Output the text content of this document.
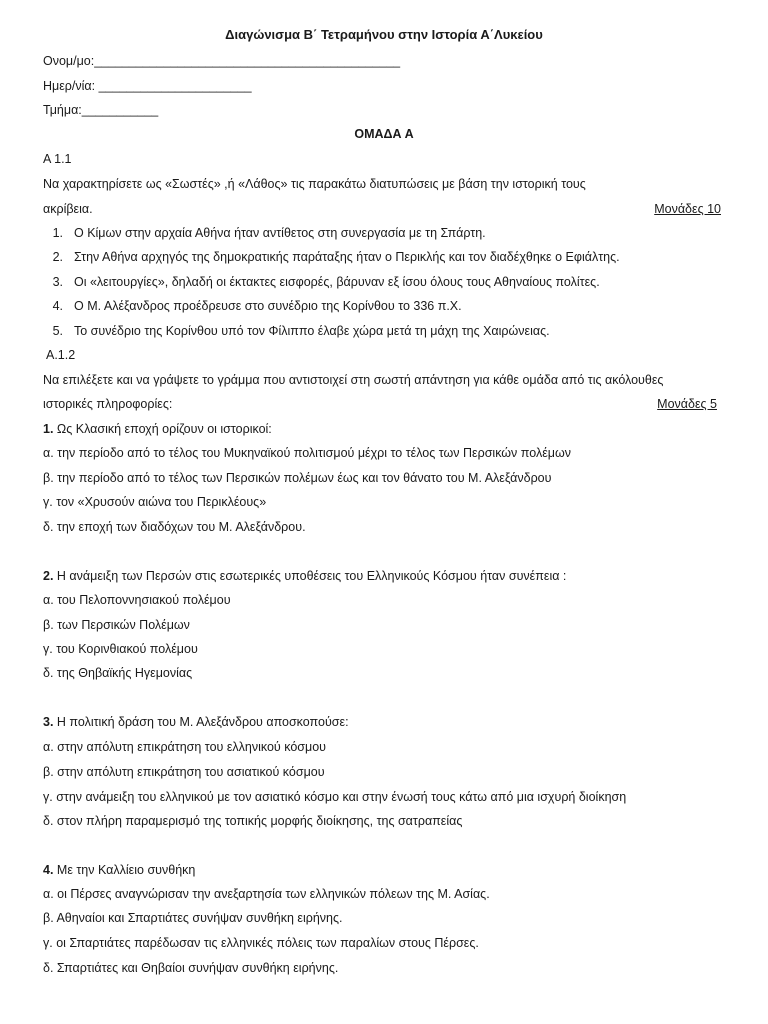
Διαγώνισμα Β΄ Τετραμήνου στην Ιστορία Α΄Λυκείου
Ονομ/μο:____________________________________________
Ημερ/νία: ______________________
Τμήμα:___________
ΟΜΑΔΑ Α
Α 1.1
Να χαρακτηρίσετε ως «Σωστές» ,ή «Λάθος» τις παρακάτω διατυπώσεις με βάση την ιστορική τους
ακρίβεια.	Μονάδες 10
1. Ο Κίμων στην αρχαία Αθήνα ήταν αντίθετος στη συνεργασία με τη Σπάρτη.
2. Στην Αθήνα αρχηγός της δημοκρατικής παράταξης ήταν ο Περικλής και τον διαδέχθηκε ο Εφιάλτης.
3. Οι «λειτουργίες», δηλαδή οι έκτακτες εισφορές, βάρυναν εξ ίσου όλους τους Αθηναίους πολίτες.
4. Ο Μ. Αλέξανδρος προέδρευσε στο συνέδριο της Κορίνθου το 336 π.Χ.
5. Το συνέδριο της Κορίνθου υπό τον Φίλιππο έλαβε χώρα μετά τη μάχη της Χαιρώνειας.
Α.1.2
Να επιλέξετε και να γράψετε το γράμμα που αντιστοιχεί στη σωστή απάντηση για κάθε ομάδα από τις ακόλουθες
ιστορικές πληροφορίες:	Μονάδες 5
1. Ως Κλασική εποχή ορίζουν οι ιστορικοί:
α. την περίοδο από το τέλος του Μυκηναϊκού πολιτισμού μέχρι το τέλος των Περσικών πολέμων
β. την περίοδο από το τέλος των Περσικών πολέμων έως και τον θάνατο του Μ. Αλεξάνδρου
γ. τον «Χρυσούν αιώνα του Περικλέους»
δ. την εποχή των διαδόχων του Μ. Αλεξάνδρου.
2. Η ανάμειξη των Περσών στις εσωτερικές υποθέσεις του Ελληνικούς Κόσμου ήταν συνέπεια :
α. του Πελοποννησιακού πολέμου
β. των Περσικών Πολέμων
γ. του Κορινθιακού πολέμου
δ. της Θηβαϊκής Ηγεμονίας
3. Η πολιτική δράση του Μ. Αλεξάνδρου αποσκοπούσε:
α. στην απόλυτη επικράτηση του ελληνικού κόσμου
β. στην απόλυτη επικράτηση του ασιατικού κόσμου
γ. στην ανάμειξη του ελληνικού με τον ασιατικό κόσμο και στην ένωσή τους κάτω από μια ισχυρή διοίκηση
δ. στον πλήρη παραμερισμό της τοπικής μορφής διοίκησης, της σατραπείας
4. Με την Καλλίειο συνθήκη
α. οι Πέρσες αναγνώρισαν την ανεξαρτησία των ελληνικών πόλεων της Μ. Ασίας.
β. Αθηναίοι και Σπαρτιάτες συνήψαν συνθήκη ειρήνης.
γ. οι Σπαρτιάτες παρέδωσαν τις ελληνικές πόλεις των παραλίων στους Πέρσες.
δ. Σπαρτιάτες και Θηβαίοι συνήψαν συνθήκη ειρήνης.
